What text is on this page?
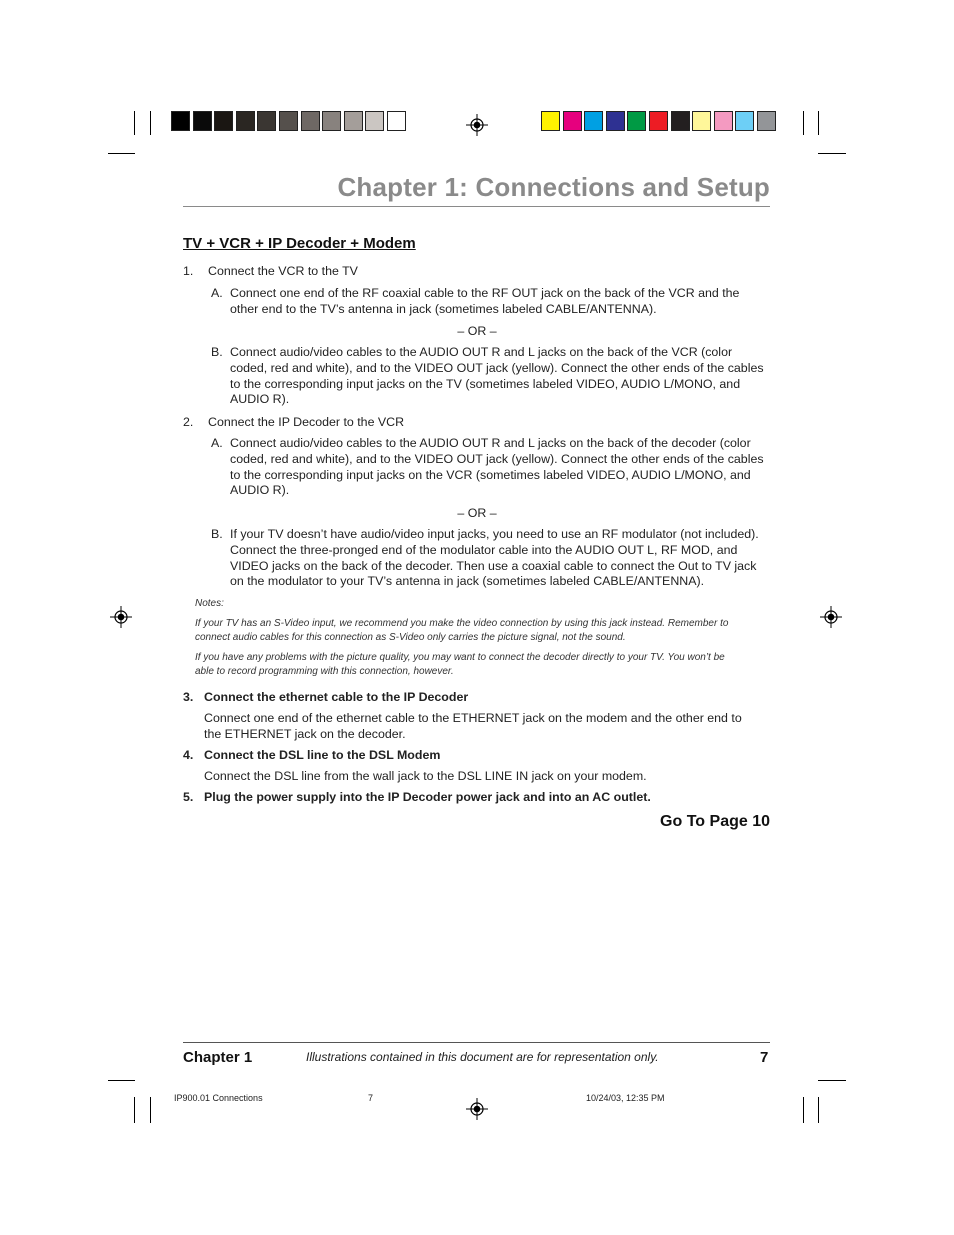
Chapter 1: Connections and Setup
TV + VCR + IP Decoder + Modem
1. Connect the VCR to the TV
A. Connect one end of the RF coaxial cable to the RF OUT jack on the back of the VCR and the
other end to the TV’s antenna in jack (sometimes labeled CABLE/ANTENNA).
– OR –
B. Connect audio/video cables to the AUDIO OUT R and L jacks on the back of the VCR (color
coded, red and white), and to the VIDEO OUT jack (yellow). Connect the other ends of the cables
to the corresponding input jacks on the TV (sometimes labeled VIDEO, AUDIO L/MONO, and
AUDIO R).
2. Connect the IP Decoder to the VCR
A. Connect audio/video cables to the AUDIO OUT R and L jacks on the back of the decoder (color
coded, red and white), and to the VIDEO OUT jack (yellow). Connect the other ends of the cables
to the corresponding input jacks on the VCR (sometimes labeled VIDEO, AUDIO L/MONO, and
AUDIO R).
– OR –
B. If your TV doesn’t have audio/video input jacks, you need to use an RF modulator (not included).
Connect the three-pronged end of the modulator cable into the AUDIO OUT L, RF MOD, and
VIDEO jacks on the back of the decoder. Then use a coaxial cable to connect the Out to TV jack
on the modulator to your TV’s antenna in jack (sometimes labeled CABLE/ANTENNA).
Notes:
If your TV has an S-Video input, we recommend you make the video connection by using this jack instead. Remember to
connect audio cables for this connection as S-Video only carries the picture signal, not the sound.
If you have any problems with the picture quality, you may want to connect the decoder directly to your TV. You won’t be
able to record programming with this connection, however.
3. Connect the ethernet cable to the IP Decoder
Connect one end of the ethernet cable to the ETHERNET jack on the modem and the other end to
the ETHERNET jack on the decoder.
4. Connect the DSL line to the DSL Modem
Connect the DSL line from the wall jack to the DSL LINE IN jack on your modem.
5. Plug the power supply into the IP Decoder power jack and into an AC outlet.
Go To Page 10
Chapter 1	Illustrations contained in this document are for representation only.	7
IP900.01 Connections	7	10/24/03, 12:35 PM
